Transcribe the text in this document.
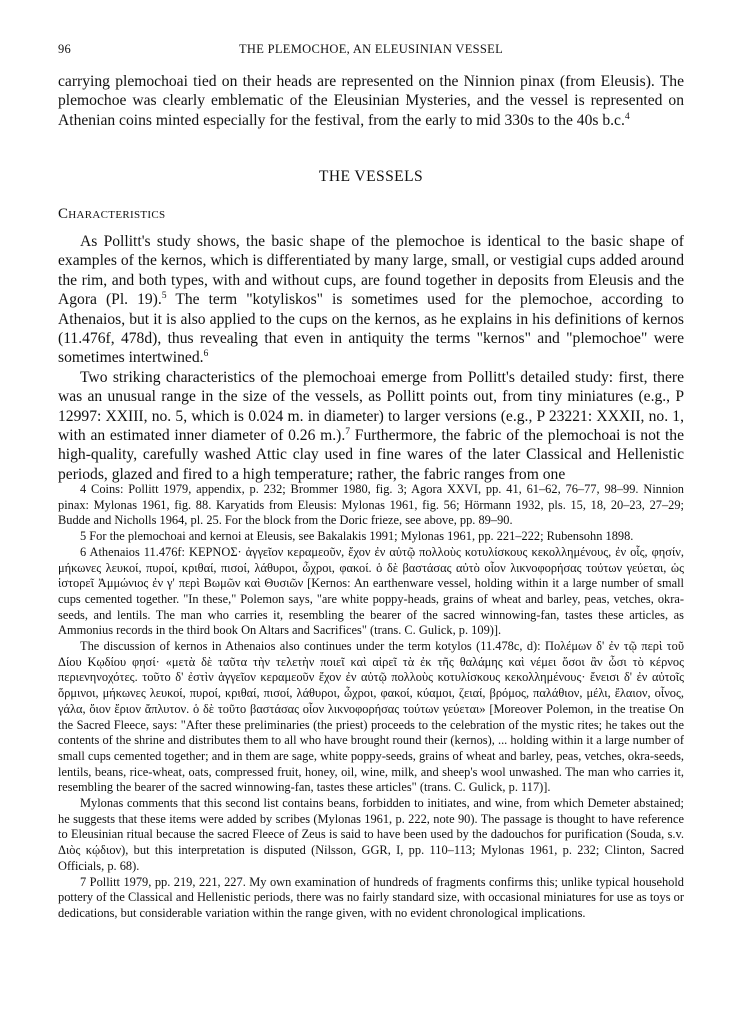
96	THE PLEMOCHOE, AN ELEUSINIAN VESSEL

carrying plemochoai tied on their heads are represented on the Ninnion pinax (from Eleusis). The plemochoe was clearly emblematic of the Eleusinian Mysteries, and the vessel is represented on Athenian coins minted especially for the festival, from the early to mid 330s to the 40s b.c.$^4$

THE VESSELS
Characteristics

As Pollitt's study shows, the basic shape of the plemochoe is identical to the basic shape of examples of the kernos, which is differentiated by many large, small, or vestigial cups added around the rim, and both types, with and without cups, are found together in deposits from Eleusis and the Agora (Pl. 19).$^5$ The term "kotyliskos" is sometimes used for the plemochoe, according to Athenaios, but it is also applied to the cups on the kernos, as he explains in his definitions of kernos (11.476f, 478d), thus revealing that even in antiquity the terms "kernos" and "plemochoe" were sometimes intertwined.$^6$

Two striking characteristics of the plemochoai emerge from Pollitt's detailed study: first, there was an unusual range in the size of the vessels, as Pollitt points out, from tiny miniatures (e.g., P 12997: XXIII, no. 5, which is 0.024 m. in diameter) to larger versions (e.g., P 23221: XXXII, no. 1, with an estimated inner diameter of 0.26 m.).$^7$ Furthermore, the fabric of the plemochoai is not the high-quality, carefully washed Attic clay used in fine wares of the later Classical and Hellenistic periods, glazed and fired to a high temperature; rather, the fabric ranges from one

4 Coins: Pollitt 1979, appendix, p. 232; Brommer 1980, fig. 3; Agora XXVI, pp. 41, 61–62, 76–77, 98–99. Ninnion pinax: Mylonas 1961, fig. 88. Karyatids from Eleusis: Mylonas 1961, fig. 56; Hörmann 1932, pls. 15, 18, 20–23, 27–29; Budde and Nicholls 1964, pl. 25. For the block from the Doric frieze, see above, pp. 89–90.

5 For the plemochoai and kernoi at Eleusis, see Bakalakis 1991; Mylonas 1961, pp. 221–222; Rubensohn 1898.

6 Athenaios 11.476f: ΚΕΡΝΟΣ· ἀγγεῖον κεραμεοῦν, ἔχον ἐν αὑτῷ πολλοὺς κοτυλίσκους κεκολλημένους, ἐν οἷς, φησίν, μήκωνες λευκοί, πυροί, κριθαί, πισοί, λάθυροι, ὦχροι, φακοί. ὁ δὲ βαστάσας αὐτὸ οἷον λικνοφορήσας τούτων γεύεται, ὡς ἱστορεῖ Ἀμμώνιος ἐν γ' περὶ Βωμῶν καὶ Θυσιῶν [Kernos: An earthenware vessel, holding within it a large number of small cups cemented together. "In these," Polemon says, "are white poppy-heads, grains of wheat and barley, peas, vetches, okra-seeds, and lentils. The man who carries it, resembling the bearer of the sacred winnowing-fan, tastes these articles, as Ammonius records in the third book On Altars and Sacrifices" (trans. C. Gulick, p. 109)].

The discussion of kernos in Athenaios also continues under the term kotylos (11.478c, d): Πολέμων δ' ἐν τῷ περὶ τοῦ Δίου Κῳδίου φησί· «μετὰ δὲ ταῦτα τὴν τελετὴν ποιεῖ καὶ αἱρεῖ τὰ ἐκ τῆς θαλάμης καὶ νέμει ὅσοι ἂν ὦσι τὸ κέρνος περιενηνοχότες. τοῦτο δ' ἐστὶν ἀγγεῖον κεραμεοῦν ἔχον ἐν αὐτῷ πολλοὺς κοτυλίσκους κεκολλημένους· ἔνεισι δ' ἐν αὐτοῖς ὅρμινοι, μήκωνες λευκοί, πυροί, κριθαί, πισοί, λάθυροι, ὦχροι, φακοί, κύαμοι, ζειαί, βρόμος, παλάθιον, μέλι, ἔλαιον, οἶνος, γάλα, ὄιον ἔριον ἄπλυτον. ὁ δὲ τοῦτο βαστάσας οἷον λικνοφορήσας τούτων γεύεται» [Moreover Polemon, in the treatise On the Sacred Fleece, says: "After these preliminaries (the priest) proceeds to the celebration of the mystic rites; he takes out the contents of the shrine and distributes them to all who have brought round their (kernos), ... holding within it a large number of small cups cemented together; and in them are sage, white poppy-seeds, grains of wheat and barley, peas, vetches, okra-seeds, lentils, beans, rice-wheat, oats, compressed fruit, honey, oil, wine, milk, and sheep's wool unwashed. The man who carries it, resembling the bearer of the sacred winnowing-fan, tastes these articles" (trans. C. Gulick, p. 117)].

Mylonas comments that this second list contains beans, forbidden to initiates, and wine, from which Demeter abstained; he suggests that these items were added by scribes (Mylonas 1961, p. 222, note 90). The passage is thought to have reference to Eleusinian ritual because the sacred Fleece of Zeus is said to have been used by the dadouchos for purification (Souda, s.v. Διὸς κῴδιον), but this interpretation is disputed (Nilsson, GGR, I, pp. 110–113; Mylonas 1961, p. 232; Clinton, Sacred Officials, p. 68).

7 Pollitt 1979, pp. 219, 221, 227. My own examination of hundreds of fragments confirms this; unlike typical household pottery of the Classical and Hellenistic periods, there was no fairly standard size, with occasional miniatures for use as toys or dedications, but considerable variation within the range given, with no evident chronological implications.
